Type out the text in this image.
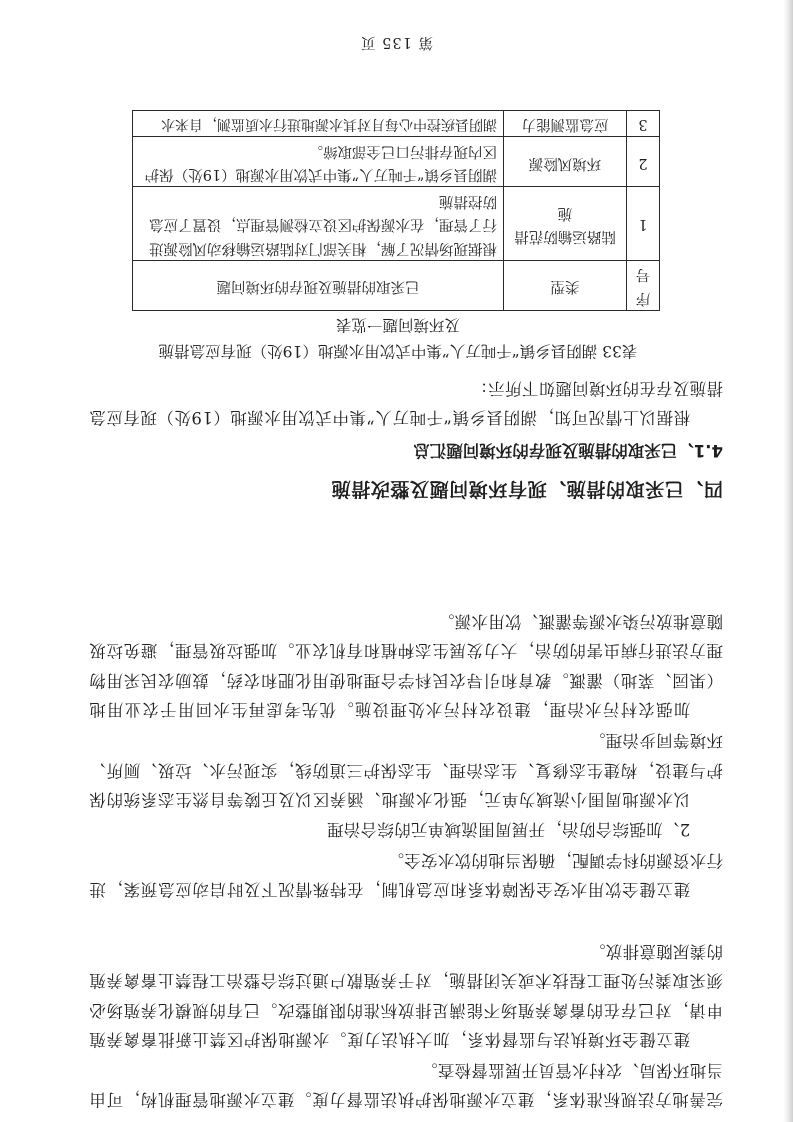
完善地方法规标准体系，建立水源地保护执法监督力度。建立水源地管理机构，可由当地环保局、农村水管员开展监督检查。

建立健全环境执法与监督体系，加大执法力度。水源地保护区禁止新批畜禽养殖申请，对已存在的畜禽养殖场不能满足排放标准的限期整改。已有的规模化养殖场必须采取粪污处理工程技术或关闭措施，对于养殖散户通过综合整治工程禁止畜禽养殖的粪尿随意排放。

建立健全饮用水安全保障体系和应急机制，在特殊情况下及时启动应急预案，进行水资源的科学调配，确保当地的饮水安全。

2、加强综合防治，开展周围流域单元的综合治理

以水源地周围小流域为单元，强化水源地、涵养区以及丘陵等自然生态系统的保护与建设，构建生态修复、生态治理、生态保护三道防线，实现污水、垃圾、厕所、环境等同步治理。

加强农村污水治理，建设农村污水处理设施。优先考虑再生水回用于农业用地（果园、菜地）灌溉。教育和引导农民科学合理地使用化肥和农药，鼓励农民采用物理方法进行病虫害的防治，大力发展生态种植和有机农业。加强垃圾管理，避免垃圾随意堆放污染水源等灌溉、饮用水源。

四、已采取的措施、现有环境问题及整改措施
4.1、已采取的措施及现存的环境问题汇总

根据以上情况可知，湖阴县乡镇“千吨万人”集中式饮用水源地（19处）现有应急措施及存在的环境问题如下所示：

表33 湖阴县乡镇“千吨万人”集中式饮用水源地（19处）现有应急措施及环境问题一览表

序号	类型	已采取的措施及现存的环境问题
1	陆路运输防范措施	根据现场情况了解，相关部门对陆路运输移动风险源进行了管理，在水源保护区设立检测管理点，设置了应急防控措施
2	环境风险源	湖阴县乡镇“千吨万人”集中式饮用水源地（19处）保护区内现存排污口已全部取缔。
3	应急监测能力	湖阴县疾控中心每月对其水源地进行水质监测，自来水

第 135 页
